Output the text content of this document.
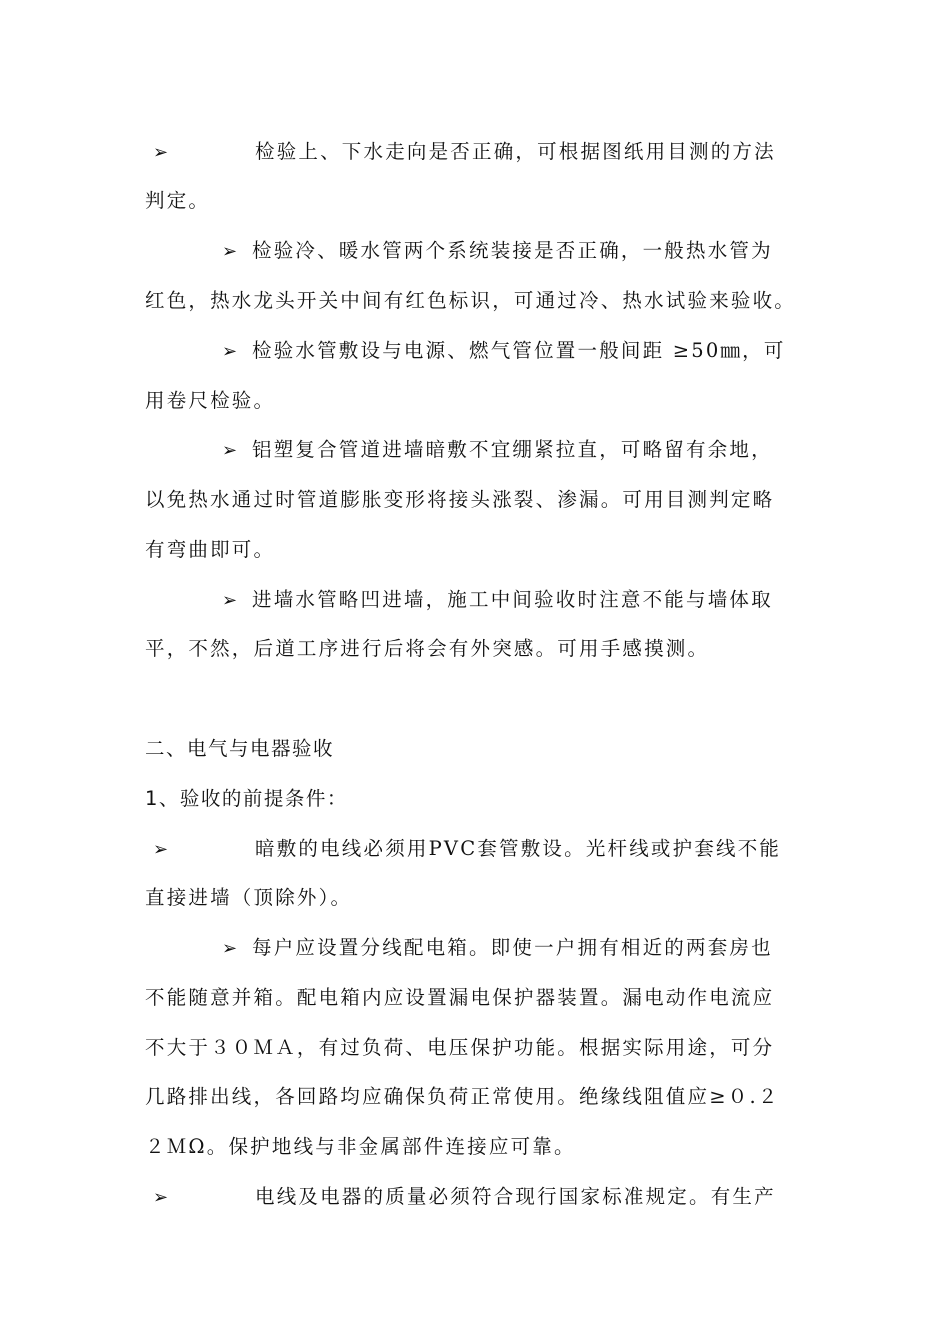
➢	检验上、下水走向是否正确，可根据图纸用目测的方法
判定。
➢ 检验冷、暖水管两个系统装接是否正确，一般热水管为
红色，热水龙头开关中间有红色标识，可通过冷、热水试验来验收。
➢ 检验水管敷设与电源、燃气管位置一般间距 ≥50㎜，可
用卷尺检验。
➢ 铝塑复合管道进墙暗敷不宜绷紧拉直，可略留有余地，
以免热水通过时管道膨胀变形将接头涨裂、渗漏。可用目测判定略
有弯曲即可。
➢ 进墙水管略凹进墙，施工中间验收时注意不能与墙体取
平，不然，后道工序进行后将会有外突感。可用手感摸测。
二、电气与电器验收
1、验收的前提条件：
➢	暗敷的电线必须用PVC套管敷设。光杆线或护套线不能
直接进墙（顶除外）。
➢ 每户应设置分线配电箱。即使一户拥有相近的两套房也
不能随意并箱。配电箱内应设置漏电保护器装置。漏电动作电流应
不大于３０ＭＡ，有过负荷、电压保护功能。根据实际用途，可分
几路排出线，各回路均应确保负荷正常使用。绝缘线阻值应≥０.２
２ＭΩ。保护地线与非金属部件连接应可靠。
➢	电线及电器的质量必须符合现行国家标准规定。有生产
